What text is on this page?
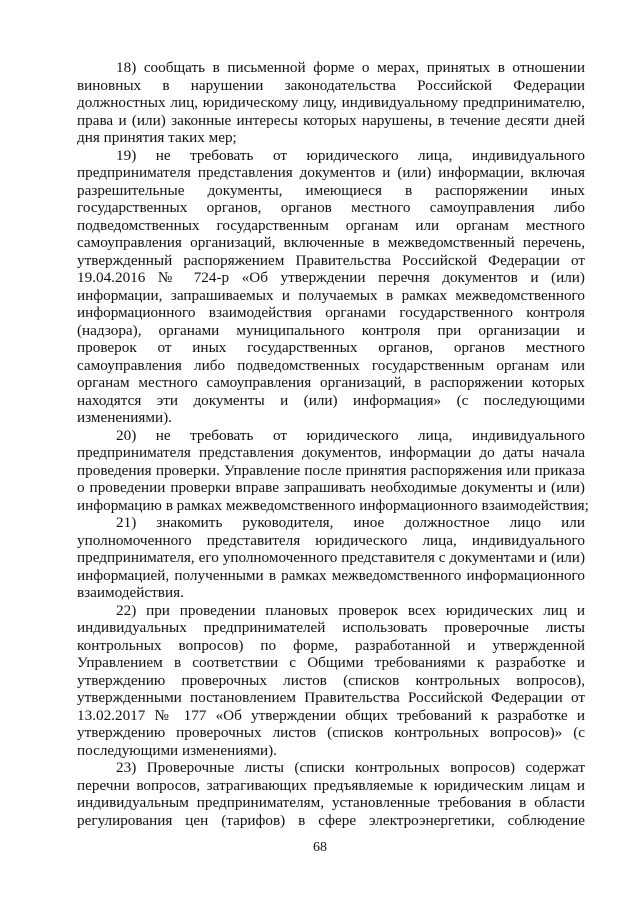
18) сообщать в письменной форме о мерах, принятых в отношении
виновных в нарушении законодательства Российской Федерации
должностных лиц, юридическому лицу, индивидуальному предпринимателю,
права и (или) законные интересы которых нарушены, в течение десяти дней
дня принятия таких мер;
19) не требовать от юридического лица, индивидуального
предпринимателя представления документов и (или) информации, включая
разрешительные документы, имеющиеся в распоряжении иных
государственных органов, органов местного самоуправления либо
подведомственных государственным органам или органам местного
самоуправления организаций, включенные в межведомственный перечень,
утвержденный распоряжением Правительства Российской Федерации от
19.04.2016 № 724-р «Об утверждении перечня документов и (или)
информации, запрашиваемых и получаемых в рамках межведомственного
информационного взаимодействия органами государственного контроля
(надзора), органами муниципального контроля при организации и
проверок от иных государственных органов, органов местного
самоуправления либо подведомственных государственным органам или
органам местного самоуправления организаций, в распоряжении которых
находятся эти документы и (или) информация» (с последующими
изменениями).
20) не требовать от юридического лица, индивидуального
предпринимателя представления документов, информации до даты начала
проведения проверки. Управление после принятия распоряжения или приказа
о проведении проверки вправе запрашивать необходимые документы и (или)
информацию в рамках межведомственного информационного взаимодействия;
21) знакомить руководителя, иное должностное лицо или
уполномоченного представителя юридического лица, индивидуального
предпринимателя, его уполномоченного представителя с документами и (или)
информацией, полученными в рамках межведомственного информационного
взаимодействия.
22) при проведении плановых проверок всех юридических лиц и
индивидуальных предпринимателей использовать проверочные листы
контрольных вопросов) по форме, разработанной и утвержденной
Управлением в соответствии с Общими требованиями к разработке и
утверждению проверочных листов (списков контрольных вопросов),
утвержденными постановлением Правительства Российской Федерации от
13.02.2017 № 177 «Об утверждении общих требований к разработке и
утверждению проверочных листов (списков контрольных вопросов)» (с
последующими изменениями).
23) Проверочные листы (списки контрольных вопросов) содержат
перечни вопросов, затрагивающих предъявляемые к юридическим лицам и
индивидуальным предпринимателям, установленные требования в области
регулирования цен (тарифов) в сфере электроэнергетики, соблюдение
68
